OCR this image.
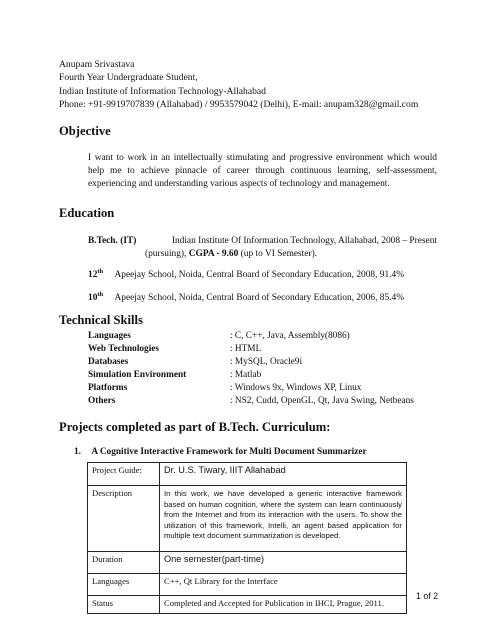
Anupam Srivastava
Fourth Year Undergraduate Student,
Indian Institute of Information Technology-Allahabad
Phone: +91-9919707839 (Allahabad) / 9953579042 (Delhi), E-mail: anupam328@gmail.com
Objective
I want to work in an intellectually stimulating and progressive environment which would help me to achieve pinnacle of career through continuous learning, self-assessment, experiencing and understanding various aspects of technology and management.
Education
B.Tech. (IT)	Indian Institute Of Information Technology, Allahabad, 2008 – Present
(pursuing), CGPA - 9.60 (up to VI Semester).
12th Apeejay School, Noida, Central Board of Secondary Education, 2008, 91.4%
10th Apeejay School, Noida, Central Board of Secondary Education, 2006, 85.4%
Technical Skills
Languages	: C, C++, Java, Assembly(8086)
Web Technologies	: HTML
Databases	: MySQL, Oracle9i
Simulation Environment	: Matlab
Platforms	: Windows 9x, Windows XP, Linux
Others	: NS2, Cudd, OpenGL, Qt, Java Swing, Netbeans
Projects completed as part of B.Tech. Curriculum:
1. A Cognitive Interactive Framework for Multi Document Summarizer
Project Guide:	Dr. U.S. Tiwary, IIIT Allahabad
Description	In this work, we have developed a generic interactive framework based on human cognition, where the system can learn continuously from the Internet and from its interaction with the users. To show the utilization of this framework, Intelli, an agent based application for multiple text document summarization is developed.
Duration	One semester(part-time)
Languages	C++, Qt Library for the Interface
Status	Completed and Accepted for Publication in IHCI, Prague, 2011.
1 of 2
